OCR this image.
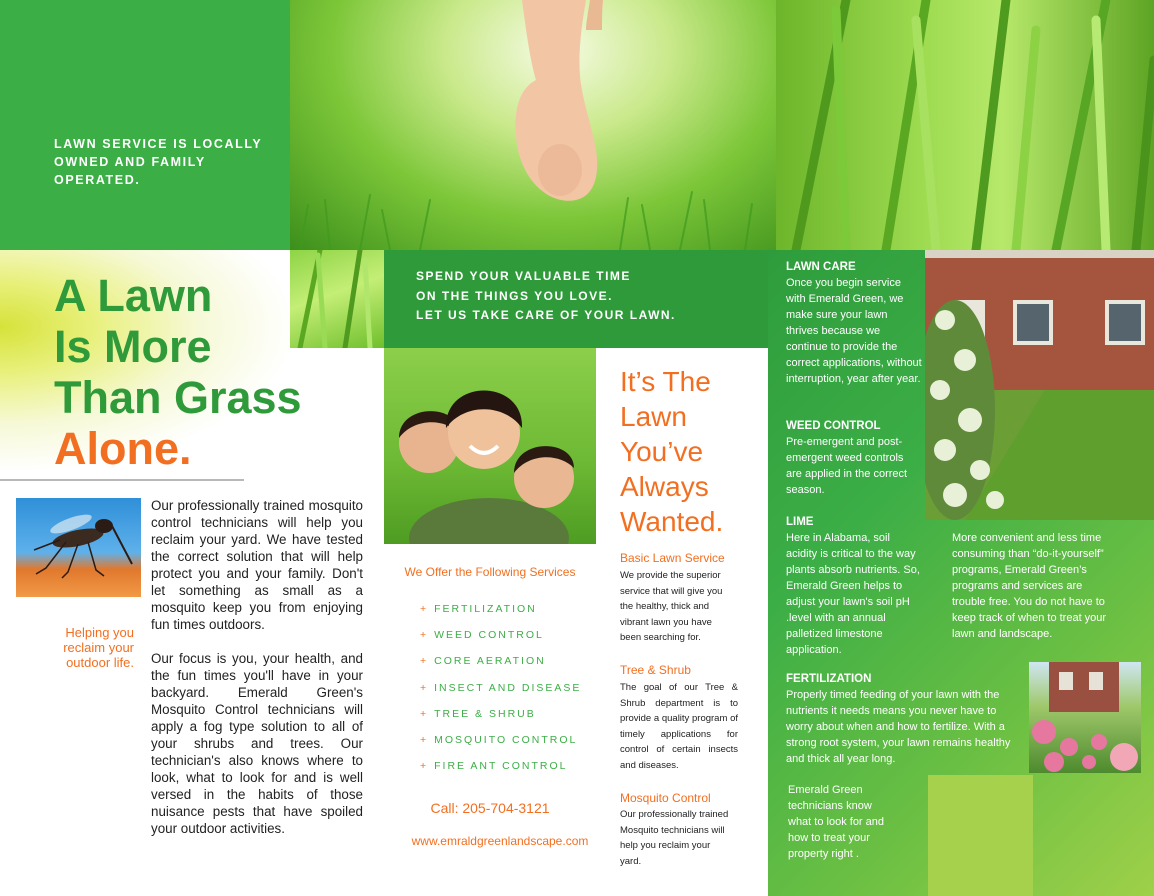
LAWN SERVICE IS LOCALLY OWNED AND FAMILY OPERATED.
A Lawn
Is More
Than Grass
Alone.
Helping you reclaim your outdoor life.

Our professionally trained mosquito control technicians will help you reclaim your yard. We have tested the correct solution that will help protect you and your family. Don't let something as small as a mosquito keep you from enjoying fun times outdoors.

Our focus is you, your health, and the fun times you'll have in your backyard. Emerald Green's Mosquito Control technicians will apply a fog type solution to all of your shrubs and trees. Our technician's also knows where to look, what to look for and is well versed in the habits of those nuisance pests that have spoiled your outdoor activities.

SPEND YOUR VALUABLE TIME
ON THE THINGS YOU LOVE.
LET US TAKE CARE OF YOUR LAWN.
It’s The
Lawn
You’ve
Always
Wanted.
We Offer the Following Services
+ FERTILIZATION
+ WEED CONTROL
+ CORE AERATION
+ INSECT AND DISEASE
+ TREE & SHRUB
+ MOSQUITO CONTROL
+ FIRE ANT CONTROL
Call: 205-704-3121
www.emraldgreenlandscape.com
Basic Lawn Service
We provide the superior service that will give you the healthy, thick and vibrant lawn you have been searching for.
Tree & Shrub
The goal of our Tree & Shrub department is to provide a quality program of timely applications for control of certain insects and diseases.
Mosquito Control
Our professionally trained Mosquito technicians will help you reclaim your yard.
LAWN CARE
Once you begin service with Emerald Green, we make sure your lawn thrives because we continue to provide the correct applications, without interruption, year after year.
WEED CONTROL
Pre-emergent and post-emergent weed controls are applied in the correct season.
LIME
Here in Alabama, soil acidity is critical to the way plants absorb nutrients. So, Emerald Green helps to adjust your lawn's soil pH .level with an annual palletized limestone application.
More convenient and less time consuming than “do-it-yourself” programs, Emerald Green’s programs and services are trouble free. You do not have to keep track of when to treat your lawn and landscape.
FERTILIZATION
Properly timed feeding of your lawn with the nutrients it needs means you never have to worry about when and how to fertilize. With a strong root system, your lawn remains healthy and thick all year long.
Emerald Green technicians know what to look for and how to treat your property right .
